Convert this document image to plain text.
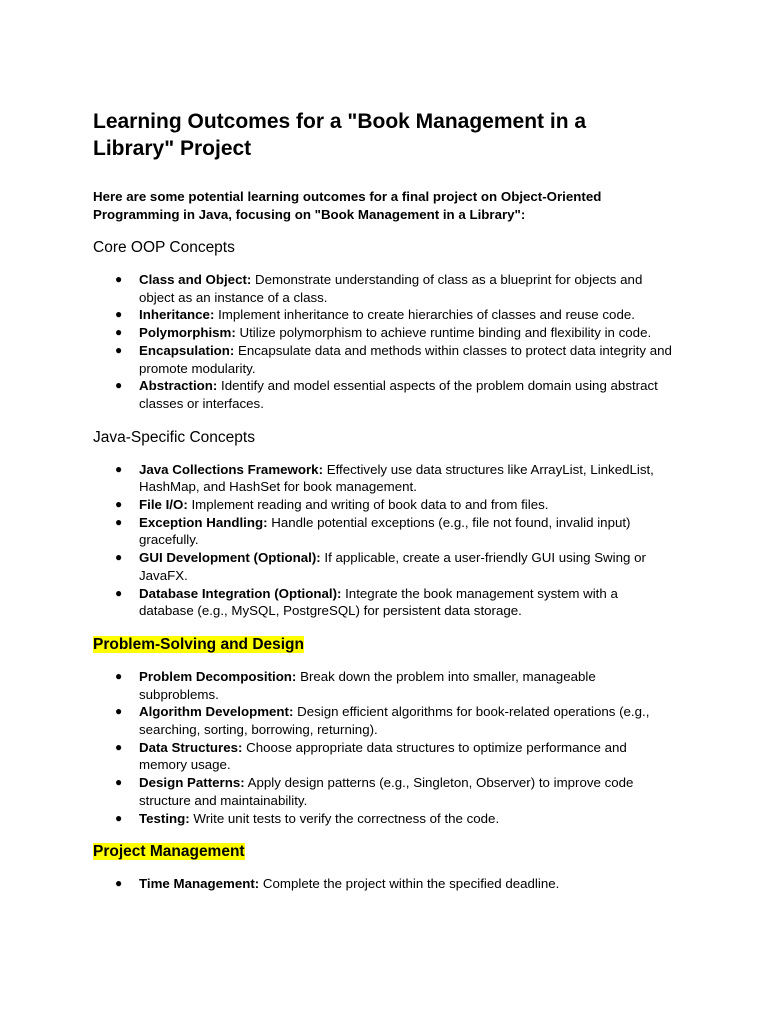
Learning Outcomes for a "Book Management in a Library" Project

Here are some potential learning outcomes for a final project on Object-Oriented Programming in Java, focusing on "Book Management in a Library":

Core OOP Concepts
● Class and Object: Demonstrate understanding of class as a blueprint for objects and object as an instance of a class.
● Inheritance: Implement inheritance to create hierarchies of classes and reuse code.
● Polymorphism: Utilize polymorphism to achieve runtime binding and flexibility in code.
● Encapsulation: Encapsulate data and methods within classes to protect data integrity and promote modularity.
● Abstraction: Identify and model essential aspects of the problem domain using abstract classes or interfaces.
Java-Specific Concepts
● Java Collections Framework: Effectively use data structures like ArrayList, LinkedList, HashMap, and HashSet for book management.
● File I/O: Implement reading and writing of book data to and from files.
● Exception Handling: Handle potential exceptions (e.g., file not found, invalid input) gracefully.
● GUI Development (Optional): If applicable, create a user-friendly GUI using Swing or JavaFX.
● Database Integration (Optional): Integrate the book management system with a database (e.g., MySQL, PostgreSQL) for persistent data storage.
Problem-Solving and Design
● Problem Decomposition: Break down the problem into smaller, manageable subproblems.
● Algorithm Development: Design efficient algorithms for book-related operations (e.g., searching, sorting, borrowing, returning).
● Data Structures: Choose appropriate data structures to optimize performance and memory usage.
● Design Patterns: Apply design patterns (e.g., Singleton, Observer) to improve code structure and maintainability.
● Testing: Write unit tests to verify the correctness of the code.
Project Management
● Time Management: Complete the project within the specified deadline.
